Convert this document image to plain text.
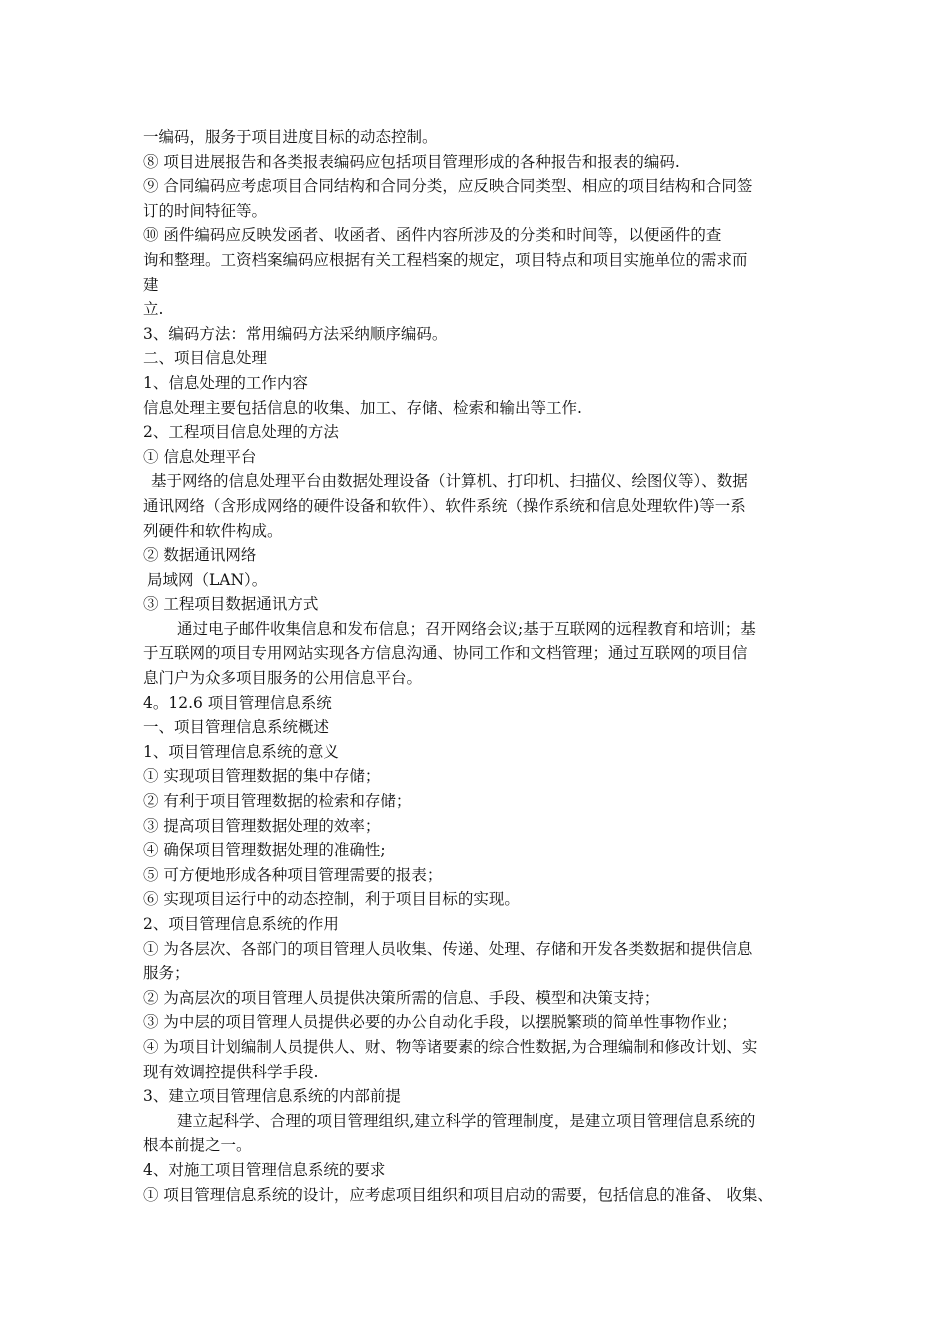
一编码，服务于项目进度目标的动态控制。

⑧ 项目进展报告和各类报表编码应包括项目管理形成的各种报告和报表的编码.

⑨ 合同编码应考虑项目合同结构和合同分类，应反映合同类型、相应的项目结构和合同签

订的时间特征等。

⑩ 函件编码应反映发函者、收函者、函件内容所涉及的分类和时间等，以便函件的查

询和整理。工资档案编码应根据有关工程档案的规定，项目特点和项目实施单位的需求而

建

立.

3、编码方法：常用编码方法采纳顺序编码。

二、项目信息处理

1、信息处理的工作内容

信息处理主要包括信息的收集、加工、存储、检索和输出等工作.

2、工程项目信息处理的方法

① 信息处理平台

基于网络的信息处理平台由数据处理设备（计算机、打印机、扫描仪、绘图仪等）、数据

通讯网络（含形成网络的硬件设备和软件）、软件系统（操作系统和信息处理软件)等一系

列硬件和软件构成。

② 数据通讯网络

局域网（LAN）。

③ 工程项目数据通讯方式

通过电子邮件收集信息和发布信息；召开网络会议;基于互联网的远程教育和培训；基

于互联网的项目专用网站实现各方信息沟通、协同工作和文档管理；通过互联网的项目信

息门户为众多项目服务的公用信息平台。

4。12.6 项目管理信息系统

一、项目管理信息系统概述

1、项目管理信息系统的意义

① 实现项目管理数据的集中存储；

② 有利于项目管理数据的检索和存储；

③ 提高项目管理数据处理的效率；

④ 确保项目管理数据处理的准确性;

⑤ 可方便地形成各种项目管理需要的报表；

⑥ 实现项目运行中的动态控制，利于项目目标的实现。

2、项目管理信息系统的作用

① 为各层次、各部门的项目管理人员收集、传递、处理、存储和开发各类数据和提供信息

服务；

② 为高层次的项目管理人员提供决策所需的信息、手段、模型和决策支持；

③ 为中层的项目管理人员提供必要的办公自动化手段，以摆脱繁琐的简单性事物作业；

④ 为项目计划编制人员提供人、财、物等诸要素的综合性数据,为合理编制和修改计划、实

现有效调控提供科学手段.

3、建立项目管理信息系统的内部前提

建立起科学、合理的项目管理组织,建立科学的管理制度，是建立项目管理信息系统的

根本前提之一。

4、对施工项目管理信息系统的要求

① 项目管理信息系统的设计，应考虑项目组织和项目启动的需要，包括信息的准备、 收集、
